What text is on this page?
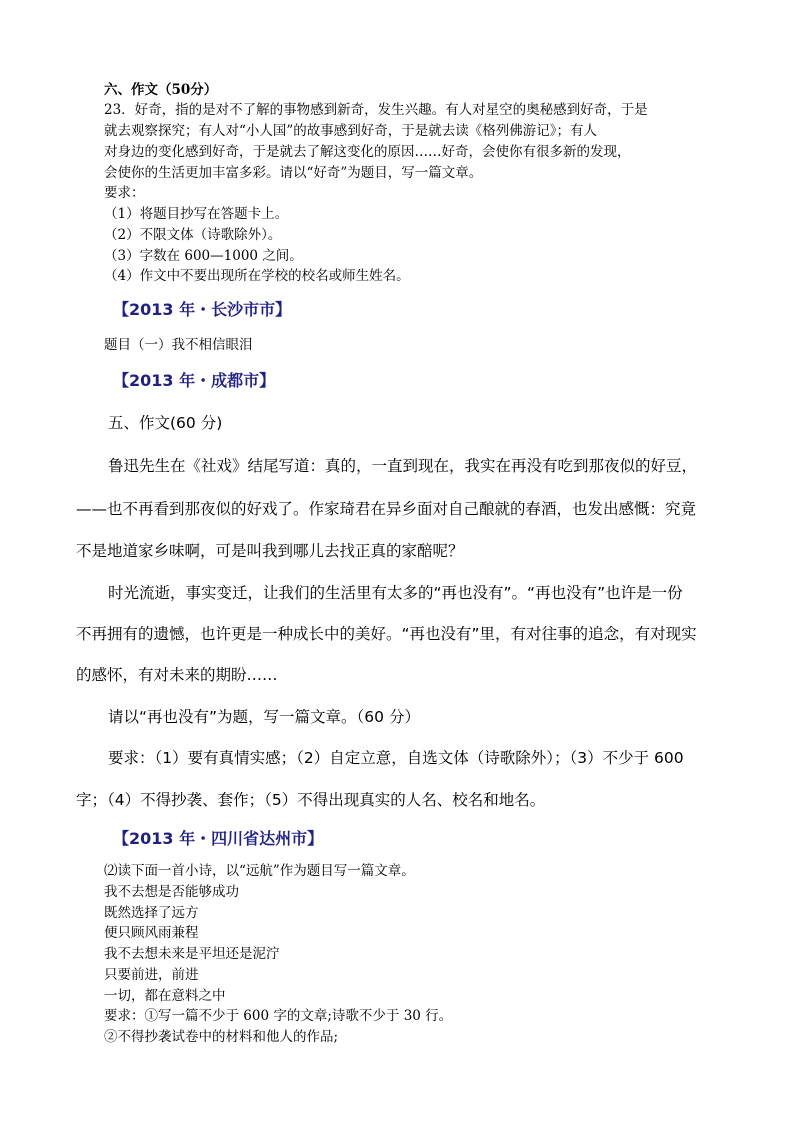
六、作文（50分）
23．好奇，指的是对不了解的事物感到新奇，发生兴趣。有人对星空的奥秘感到好奇，于是
就去观察探究；有人对“小人国”的故事感到好奇，于是就去读《格列佛游记》；有人
对身边的变化感到好奇，于是就去了解这变化的原因……好奇，会使你有很多新的发现，
会使你的生活更加丰富多彩。请以“好奇”为题目，写一篇文章。
要求：
（1）将题目抄写在答题卡上。
（2）不限文体（诗歌除外）。
（3）字数在 600—1000 之间。
（4）作文中不要出现所在学校的校名或师生姓名。
【2013 年・长沙市市】
题目（一）我不相信眼泪
【2013 年・成都市】
五、作文(60 分)
鲁迅先生在《社戏》结尾写道：真的，一直到现在，我实在再没有吃到那夜似的好豆，
——也不再看到那夜似的好戏了。作家琦君在异乡面对自己酿就的春酒，也发出感慨：究竟
不是地道家乡味啊，可是叫我到哪儿去找正真的家醅呢？
时光流逝，事实变迁，让我们的生活里有太多的“再也没有”。“再也没有”也许是一份
不再拥有的遗憾，也许更是一种成长中的美好。“再也没有”里，有对往事的追念，有对现实
的感怀，有对未来的期盼……
请以“再也没有”为题，写一篇文章。（60 分）
要求：（1）要有真情实感；（2）自定立意，自选文体（诗歌除外）；（3）不少于 600
字；（4）不得抄袭、套作；（5）不得出现真实的人名、校名和地名。
【2013 年・四川省达州市】
⑵读下面一首小诗，以“远航”作为题目写一篇文章。
我不去想是否能够成功
既然选择了远方
便只顾风雨兼程
我不去想未来是平坦还是泥泞
只要前进，前进
一切，都在意料之中
要求：①写一篇不少于 600 字的文章;诗歌不少于 30 行。
②不得抄袭试卷中的材料和他人的作品;
